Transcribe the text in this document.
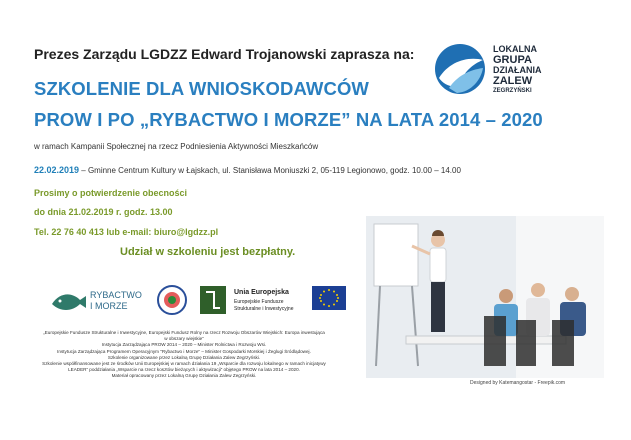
Prezes Zarządu LGDZZ Edward Trojanowski zaprasza na:
SZKOLENIE DLA WNIOSKODAWCÓW
PROW I PO „RYBACTWO I MORZE” NA LATA 2014 – 2020
w ramach Kampanii Społecznej na rzecz Podniesienia Aktywności Mieszkańców
22.02.2019 – Gminne Centrum Kultury w Łajskach, ul. Stanisława Moniuszki 2, 05-119 Legionowo, godz. 10.00 – 14.00
Prosimy o potwierdzenie obecności
do dnia 21.02.2019 r. godz. 13.00
Tel. 22 76 40 413 lub e-mail: biuro@lgdzz.pl
Udział w szkoleniu jest bezpłatny.
LOKALNA
GRUPA
DZIAŁANIA
ZALEW
ZEGRZYŃSKI
RYBACTWO
I MORZE
Unia Europejska
Europejskie Fundusze
Strukturalne i Inwestycyjne
„Europejskie Fundusze Strukturalne i Inwestycyjne, Europejski Fundusz Rolny na rzecz Rozwoju Obszarów Wiejskich: Europa inwestująca
w obszary wiejskie”
Instytucja Zarządzająca PROW 2014 – 2020 – Minister Rolnictwa i Rozwoju Wsi.
Instytucja Zarządzająca Programem Operacyjnym "Rybactwo i Morze" – Minister Gospodarki Morskiej i Żeglugi Śródlądowej.
Szkolenie organizowane przez Lokalną Grupę Działania Zalew Zegrzyński.
Szkolenie współfinansowane jest ze środków Unii Europejskiej w ramach działania 19 „Wsparcie dla rozwoju lokalnego w ramach inicjatywy
LEADER” poddziałania „Wsparcie na rzecz kosztów bieżących i aktywizacji” objętego PROW na lata 2014 – 2020.
Materiał opracowany przez Lokalną Grupę Działania Zalew Zegrzyński.
Designed by Katemangostar - Freepik.com
